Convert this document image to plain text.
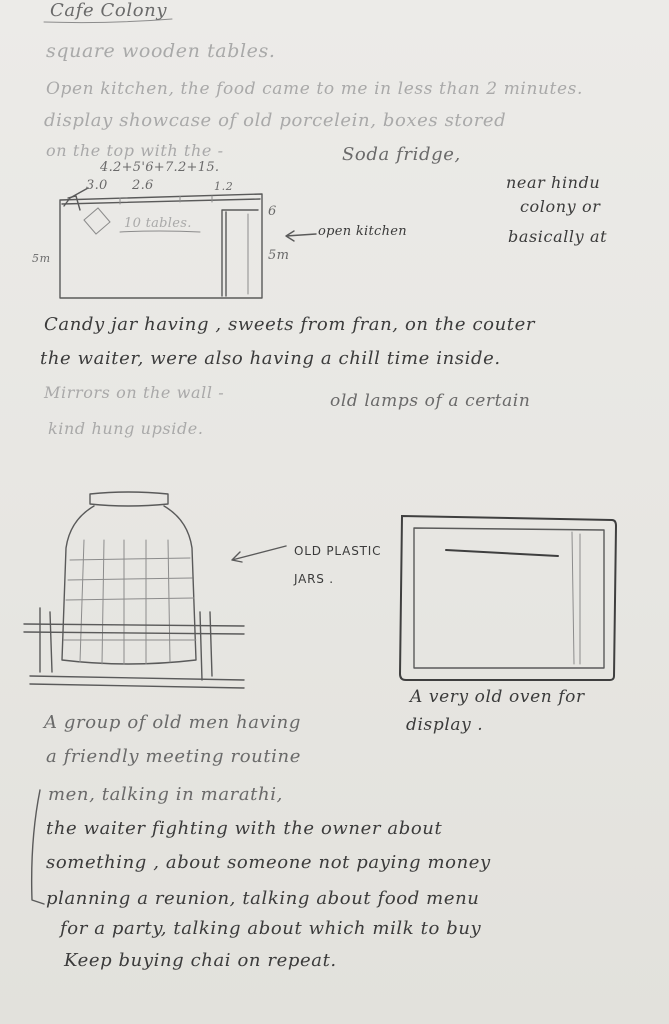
Cafe Colony
square wooden tables.
Open kitchen, the food came to me in less than 2 minutes.
display showcase of old porcelein, boxes stored
on the top with the -	Soda fridge,
near hindu
colony or
basically at
4.2+5'6+7.2+15.
3.0 2.6	1.2
10 tables.
open kitchen
6
5m
5m
Candy jar having , sweets from fran, on the couter
the waiter, were also having a chill time inside.
Mirrors on the wall -	old lamps of a certain
kind hung upside.
OLD PLASTIC
JARS .
A very old oven for
display .
A group of old men having
a friendly meeting routine
men, talking in marathi,
the waiter fighting with the owner about
something , about someone not paying money
planning a reunion, talking about food menu
for a party, talking about which milk to buy
Keep buying chai on repeat.
